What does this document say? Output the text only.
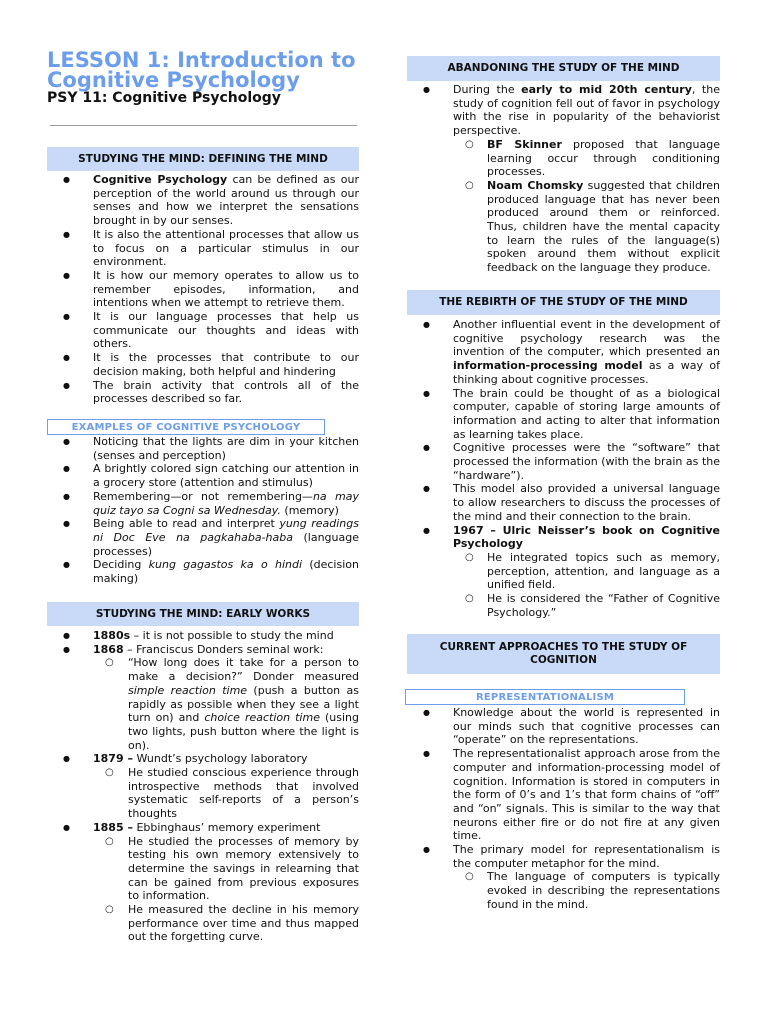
LESSON 1: Introduction to Cognitive Psychology
PSY 11: Cognitive Psychology
STUDYING THE MIND: DEFINING THE MIND
● Cognitive Psychology can be defined as our perception of the world around us through our senses and how we interpret the sensations brought in by our senses.
● It is also the attentional processes that allow us to focus on a particular stimulus in our environment.
● It is how our memory operates to allow us to remember episodes, information, and intentions when we attempt to retrieve them.
● It is our language processes that help us communicate our thoughts and ideas with others.
● It is the processes that contribute to our decision making, both helpful and hindering
● The brain activity that controls all of the processes described so far.
EXAMPLES OF COGNITIVE PSYCHOLOGY
● Noticing that the lights are dim in your kitchen (senses and perception)
● A brightly colored sign catching our attention in a grocery store (attention and stimulus)
● Remembering—or not remembering—na may quiz tayo sa Cogni sa Wednesday. (memory)
● Being able to read and interpret yung readings ni Doc Eve na pagkahaba-haba (language processes)
● Deciding kung gagastos ka o hindi (decision making)
STUDYING THE MIND: EARLY WORKS
● 1880s – it is not possible to study the mind
● 1868 – Franciscus Donders seminal work:
○ “How long does it take for a person to make a decision?” Donder measured simple reaction time (push a button as rapidly as possible when they see a light turn on) and choice reaction time (using two lights, push button where the light is on).
● 1879 – Wundt’s psychology laboratory
○ He studied conscious experience through introspective methods that involved systematic self-reports of a person’s thoughts
● 1885 – Ebbinghaus’ memory experiment
○ He studied the processes of memory by testing his own memory extensively to determine the savings in relearning that can be gained from previous exposures to information.
○ He measured the decline in his memory performance over time and thus mapped out the forgetting curve.
ABANDONING THE STUDY OF THE MIND
● During the early to mid 20th century, the study of cognition fell out of favor in psychology with the rise in popularity of the behaviorist perspective.
○ BF Skinner proposed that language learning occur through conditioning processes.
○ Noam Chomsky suggested that children produced language that has never been produced around them or reinforced. Thus, children have the mental capacity to learn the rules of the language(s) spoken around them without explicit feedback on the language they produce.
THE REBIRTH OF THE STUDY OF THE MIND
● Another influential event in the development of cognitive psychology research was the invention of the computer, which presented an information-processing model as a way of thinking about cognitive processes.
● The brain could be thought of as a biological computer, capable of storing large amounts of information and acting to alter that information as learning takes place.
● Cognitive processes were the “software” that processed the information (with the brain as the “hardware”).
● This model also provided a universal language to allow researchers to discuss the processes of the mind and their connection to the brain.
● 1967 – Ulric Neisser’s book on Cognitive Psychology
○ He integrated topics such as memory, perception, attention, and language as a unified field.
○ He is considered the “Father of Cognitive Psychology.”
CURRENT APPROACHES TO THE STUDY OF COGNITION
REPRESENTATIONALISM
● Knowledge about the world is represented in our minds such that cognitive processes can “operate” on the representations.
● The representationalist approach arose from the computer and information-processing model of cognition. Information is stored in computers in the form of 0’s and 1’s that form chains of “off” and “on” signals. This is similar to the way that neurons either fire or do not fire at any given time.
● The primary model for representationalism is the computer metaphor for the mind.
○ The language of computers is typically evoked in describing the representations found in the mind.
